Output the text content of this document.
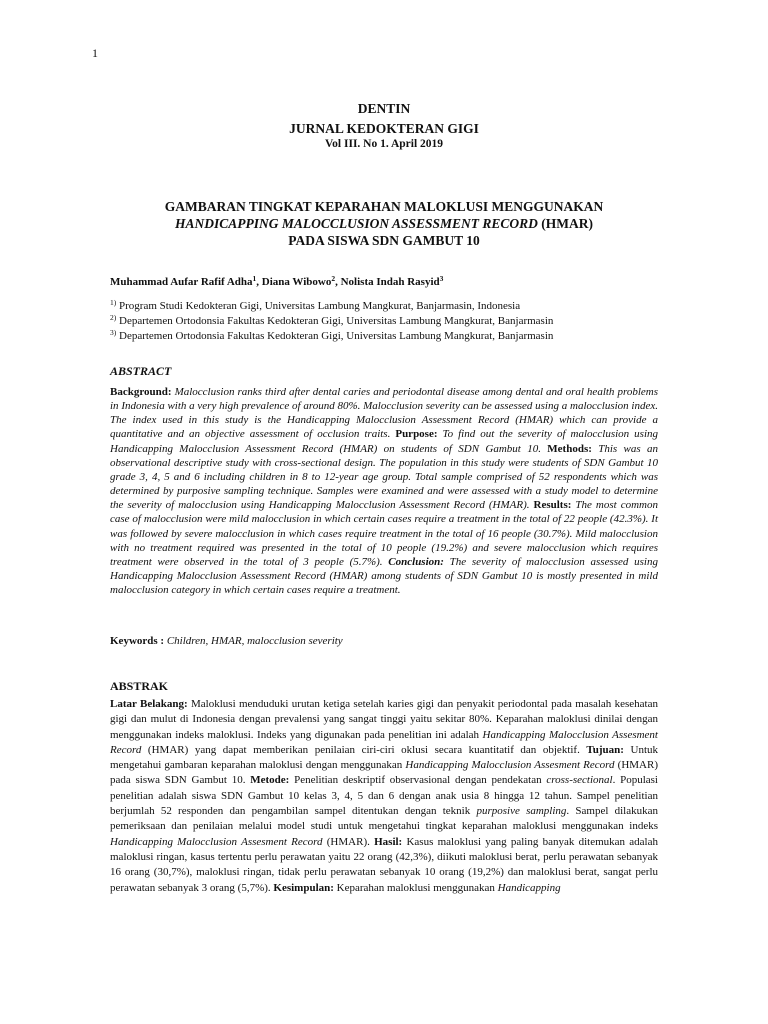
1
DENTIN
JURNAL KEDOKTERAN GIGI
Vol III. No 1. April 2019
GAMBARAN TINGKAT KEPARAHAN MALOKLUSI MENGGUNAKAN
HANDICAPPING MALOCCLUSION ASSESSMENT RECORD (HMAR)
PADA SISWA SDN GAMBUT 10
Muhammad Aufar Rafif Adha$^1$, Diana Wibowo$^2$, Nolista Indah Rasyid$^3$
$^{1)}$ Program Studi Kedokteran Gigi, Universitas Lambung Mangkurat, Banjarmasin, Indonesia
$^{2)}$ Departemen Ortodonsia Fakultas Kedokteran Gigi, Universitas Lambung Mangkurat, Banjarmasin
$^{3)}$ Departemen Ortodonsia Fakultas Kedokteran Gigi, Universitas Lambung Mangkurat, Banjarmasin
ABSTRACT
Background: Malocclusion ranks third after dental caries and periodontal disease among dental and oral health problems in Indonesia with a very high prevalence of around 80%. Malocclusion severity can be assessed using a malocclusion index. The index used in this study is the Handicapping Malocclusion Assessment Record (HMAR) which can provide a quantitative and an objective assessment of occlusion traits. Purpose: To find out the severity of malocclusion using Handicapping Malocclusion Assessment Record (HMAR) on students of SDN Gambut 10. Methods: This was an observational descriptive study with cross-sectional design. The population in this study were students of SDN Gambut 10 grade 3, 4, 5 and 6 including children in 8 to 12-year age group. Total sample comprised of 52 respondents which was determined by purposive sampling technique. Samples were examined and were assessed with a study model to determine the severity of malocclusion using Handicapping Malocclusion Assessment Record (HMAR). Results: The most common case of malocclusion were mild malocclusion in which certain cases require a treatment in the total of 22 people (42.3%). It was followed by severe malocclusion in which cases require treatment in the total of 16 people (30.7%). Mild malocclusion with no treatment required was presented in the total of 10 people (19.2%) and severe malocclusion which requires treatment were observed in the total of 3 people (5.7%). Conclusion: The severity of malocclusion assessed using Handicapping Malocclusion Assessment Record (HMAR) among students of SDN Gambut 10 is mostly presented in mild malocclusion category in which certain cases require a treatment.
Keywords : Children, HMAR, malocclusion severity
ABSTRAK
Latar Belakang: Maloklusi menduduki urutan ketiga setelah karies gigi dan penyakit periodontal pada masalah kesehatan gigi dan mulut di Indonesia dengan prevalensi yang sangat tinggi yaitu sekitar 80%. Keparahan maloklusi dinilai dengan menggunakan indeks maloklusi. Indeks yang digunakan pada penelitian ini adalah Handicapping Malocclusion Assesment Record (HMAR) yang dapat memberikan penilaian ciri-ciri oklusi secara kuantitatif dan objektif. Tujuan: Untuk mengetahui gambaran keparahan maloklusi dengan menggunakan Handicapping Malocclusion Assesment Record (HMAR) pada siswa SDN Gambut 10. Metode: Penelitian deskriptif observasional dengan pendekatan cross-sectional. Populasi penelitian adalah siswa SDN Gambut 10 kelas 3, 4, 5 dan 6 dengan anak usia 8 hingga 12 tahun. Sampel penelitian berjumlah 52 responden dan pengambilan sampel ditentukan dengan teknik purposive sampling. Sampel dilakukan pemeriksaan dan penilaian melalui model studi untuk mengetahui tingkat keparahan maloklusi menggunakan indeks Handicapping Malocclusion Assesment Record (HMAR). Hasil: Kasus maloklusi yang paling banyak ditemukan adalah maloklusi ringan, kasus tertentu perlu perawatan yaitu 22 orang (42,3%), diikuti maloklusi berat, perlu perawatan sebanyak 16 orang (30,7%), maloklusi ringan, tidak perlu perawatan sebanyak 10 orang (19,2%) dan maloklusi berat, sangat perlu perawatan sebanyak 3 orang (5,7%). Kesimpulan: Keparahan maloklusi menggunakan Handicapping
